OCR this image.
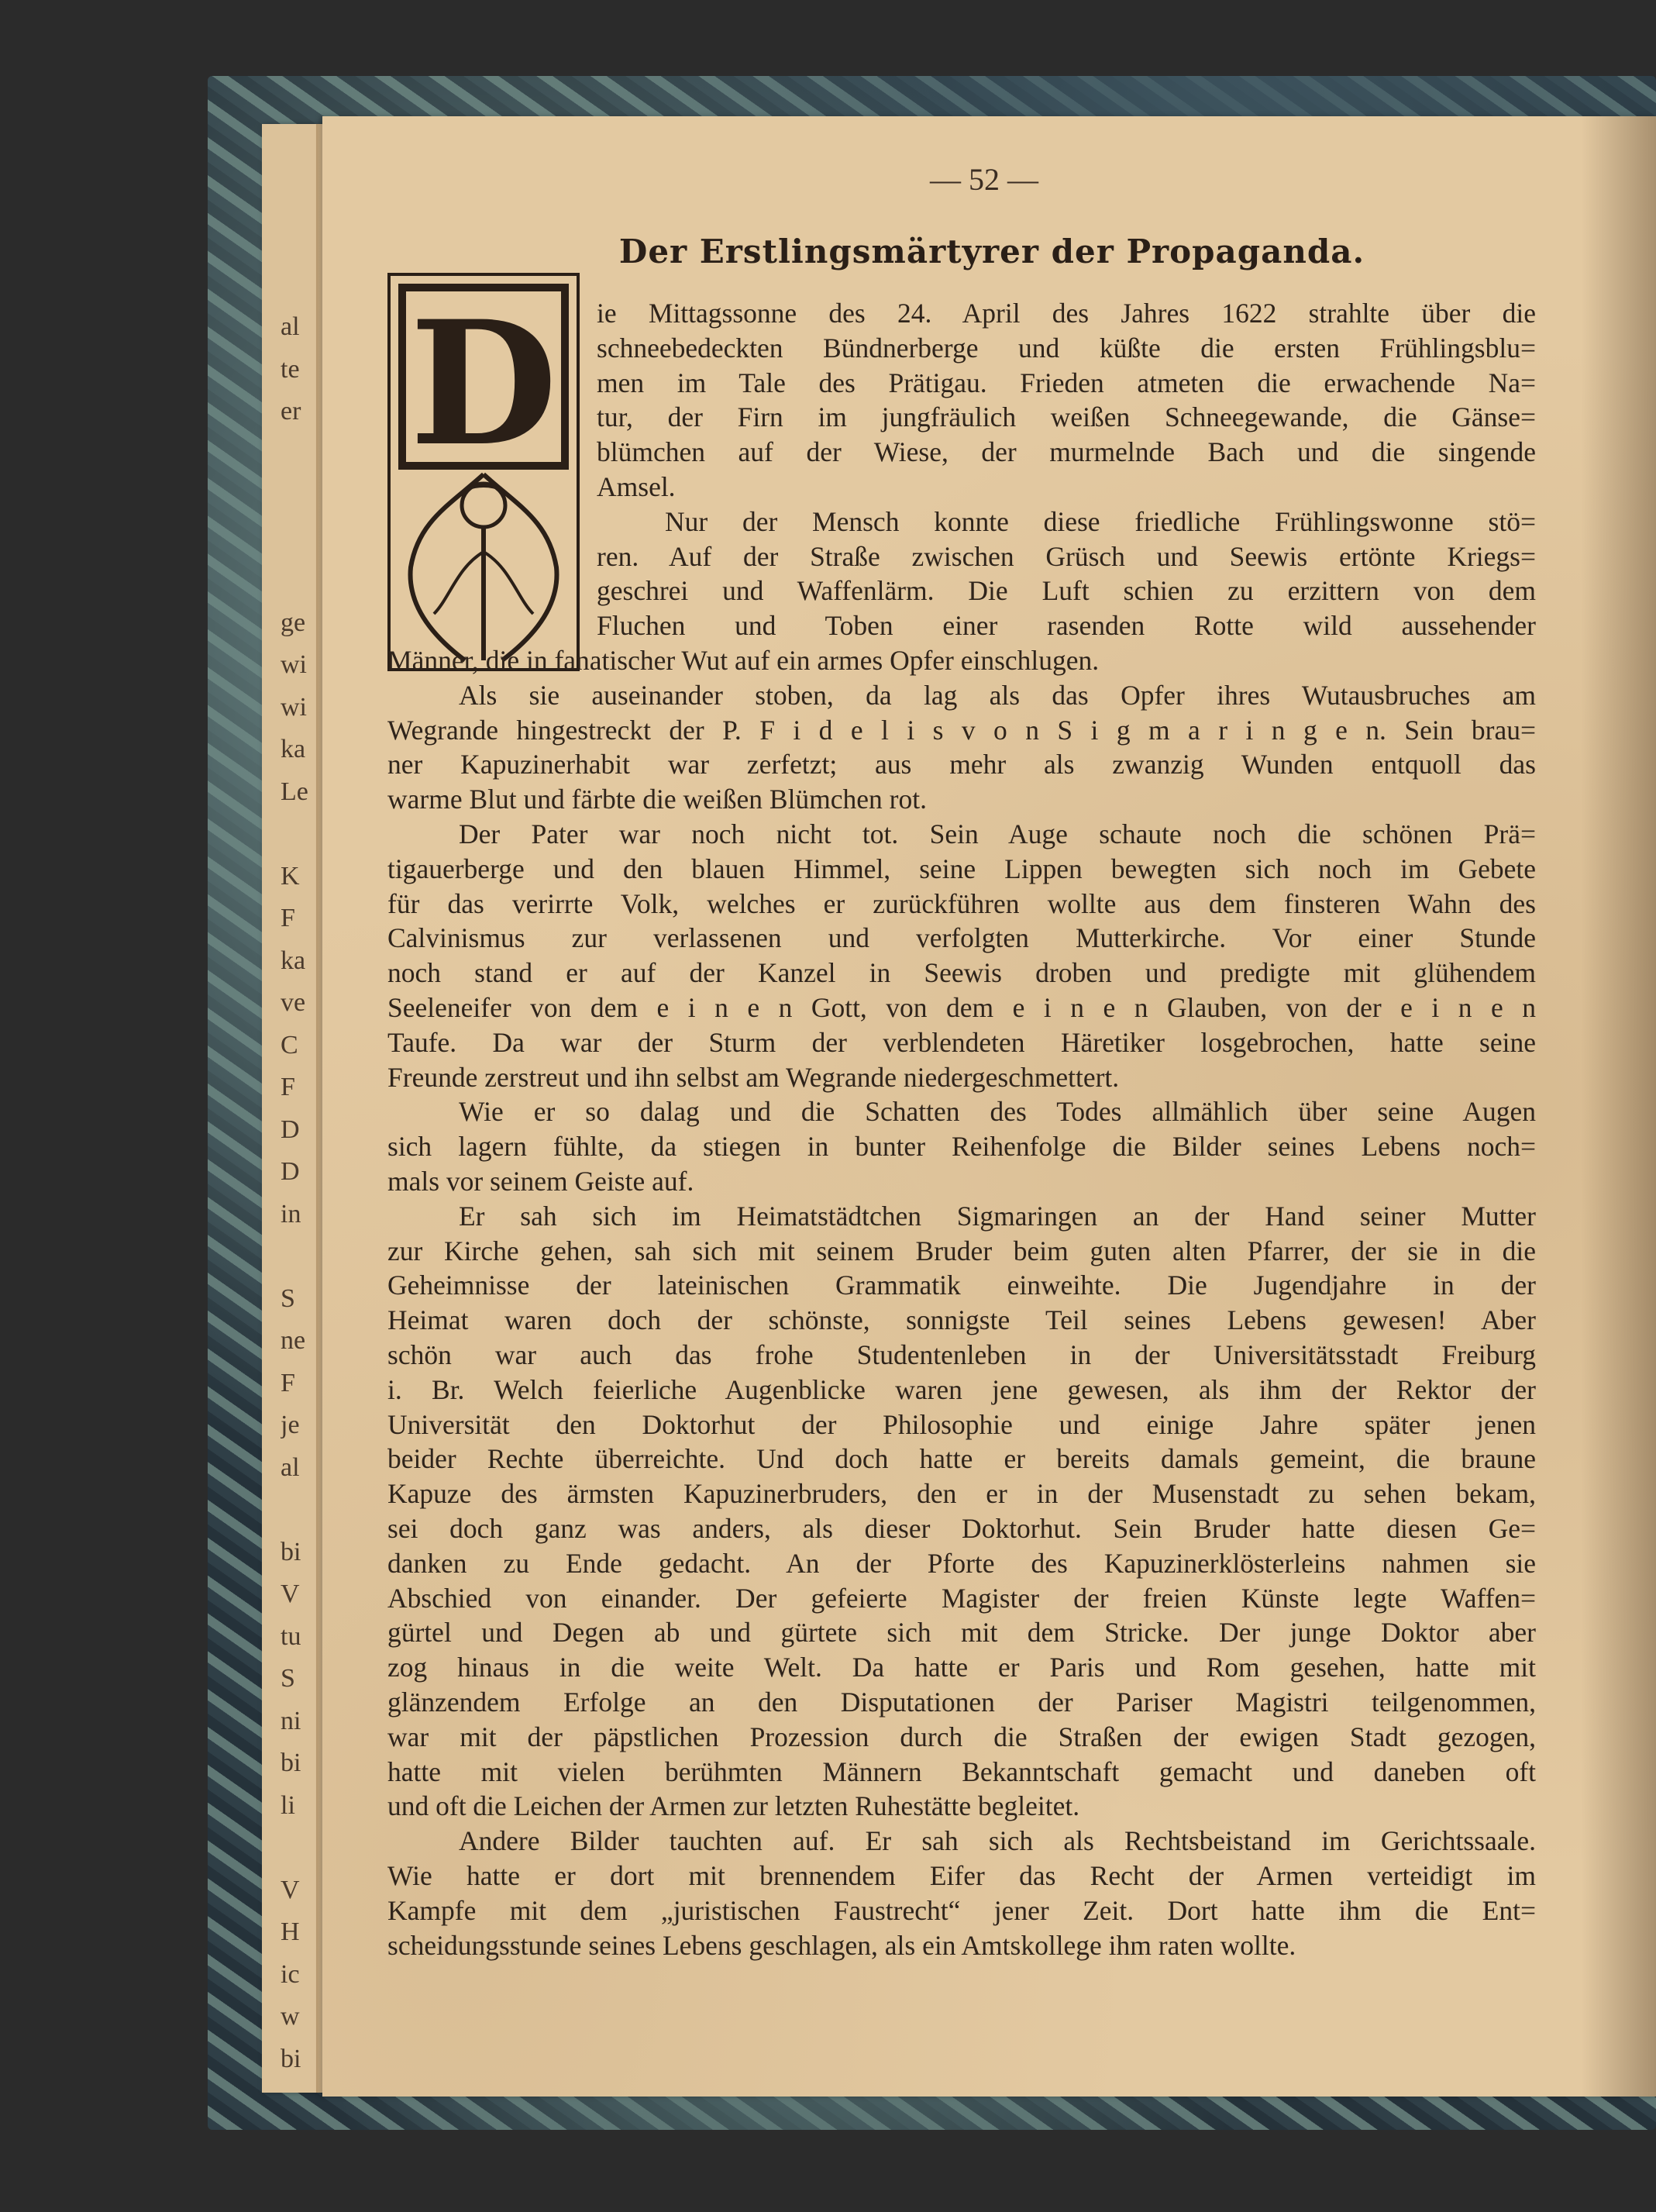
al
te
er
ge
wi
wi
ka
Le
K
F
ka
ve
C
F
D
D
in
S
ne
F
je
al
bi
V
tu
S
ni
bi
li
V
H
ic
w
bi
— 52 —
Der Erstlingsmärtyrer der Propaganda.
D ie Mittagssonne des 24. April des Jahres 1622 strahlte über die
schneebedeckten Bündnerberge und küßte die ersten Frühlingsblu=
men im Tale des Prätigau. Frieden atmeten die erwachende Na=
tur, der Firn im jungfräulich weißen Schneegewande, die Gänse=
blümchen auf der Wiese, der murmelnde Bach und die singende
Amsel.
Nur der Mensch konnte diese friedliche Frühlingswonne stö=
ren. Auf der Straße zwischen Grüsch und Seewis ertönte Kriegs=
geschrei und Waffenlärm. Die Luft schien zu erzittern von dem
Fluchen und Toben einer rasenden Rotte wild aussehender
Männer, die in fanatischer Wut auf ein armes Opfer einschlugen.
Als sie auseinander stoben, da lag als das Opfer ihres Wutausbruches am
Wegrande hingestreckt der P. F i d e l i s v o n S i g m a r i n g e n. Sein brau=
ner Kapuzinerhabit war zerfetzt; aus mehr als zwanzig Wunden entquoll das
warme Blut und färbte die weißen Blümchen rot.
Der Pater war noch nicht tot. Sein Auge schaute noch die schönen Prä=
tigauerberge und den blauen Himmel, seine Lippen bewegten sich noch im Gebete
für das verirrte Volk, welches er zurückführen wollte aus dem finsteren Wahn des
Calvinismus zur verlassenen und verfolgten Mutterkirche. Vor einer Stunde
noch stand er auf der Kanzel in Seewis droben und predigte mit glühendem
Seeleneifer von dem e i n e n Gott, von dem e i n e n Glauben, von der e i n e n
Taufe. Da war der Sturm der verblendeten Häretiker losgebrochen, hatte seine
Freunde zerstreut und ihn selbst am Wegrande niedergeschmettert.
Wie er so dalag und die Schatten des Todes allmählich über seine Augen
sich lagern fühlte, da stiegen in bunter Reihenfolge die Bilder seines Lebens noch=
mals vor seinem Geiste auf.
Er sah sich im Heimatstädtchen Sigmaringen an der Hand seiner Mutter
zur Kirche gehen, sah sich mit seinem Bruder beim guten alten Pfarrer, der sie in die
Geheimnisse der lateinischen Grammatik einweihte. Die Jugendjahre in der
Heimat waren doch der schönste, sonnigste Teil seines Lebens gewesen! Aber
schön war auch das frohe Studentenleben in der Universitätsstadt Freiburg
i. Br. Welch feierliche Augenblicke waren jene gewesen, als ihm der Rektor der
Universität den Doktorhut der Philosophie und einige Jahre später jenen
beider Rechte überreichte. Und doch hatte er bereits damals gemeint, die braune
Kapuze des ärmsten Kapuzinerbruders, den er in der Musenstadt zu sehen bekam,
sei doch ganz was anders, als dieser Doktorhut. Sein Bruder hatte diesen Ge=
danken zu Ende gedacht. An der Pforte des Kapuzinerklösterleins nahmen sie
Abschied von einander. Der gefeierte Magister der freien Künste legte Waffen=
gürtel und Degen ab und gürtete sich mit dem Stricke. Der junge Doktor aber
zog hinaus in die weite Welt. Da hatte er Paris und Rom gesehen, hatte mit
glänzendem Erfolge an den Disputationen der Pariser Magistri teilgenommen,
war mit der päpstlichen Prozession durch die Straßen der ewigen Stadt gezogen,
hatte mit vielen berühmten Männern Bekanntschaft gemacht und daneben oft
und oft die Leichen der Armen zur letzten Ruhestätte begleitet.
Andere Bilder tauchten auf. Er sah sich als Rechtsbeistand im Gerichtssaale.
Wie hatte er dort mit brennendem Eifer das Recht der Armen verteidigt im
Kampfe mit dem „juristischen Faustrecht“ jener Zeit. Dort hatte ihm die Ent=
scheidungsstunde seines Lebens geschlagen, als ein Amtskollege ihm raten wollte.
